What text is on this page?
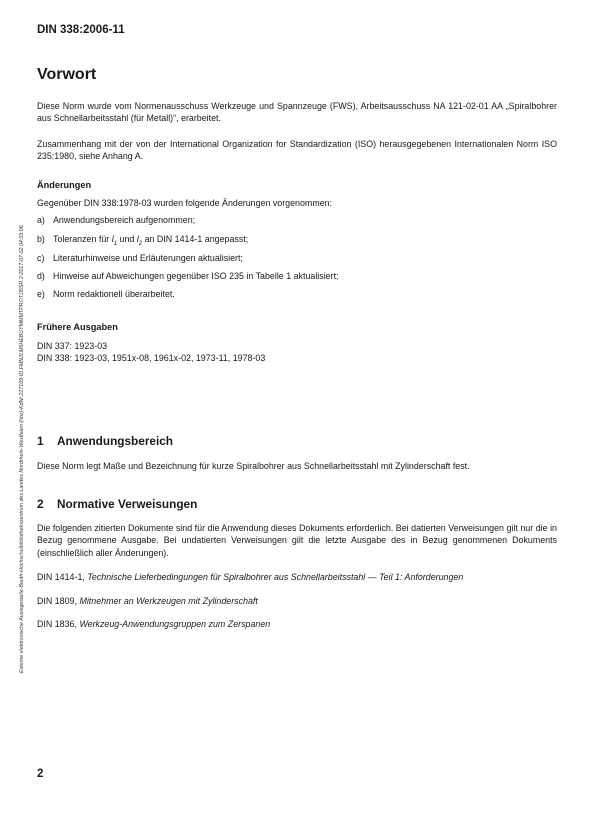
DIN 338:2006-11
Externe elektronische Auslegestelle-Beuth-Hochschulbibliothekszentrum des Landes Nordrhein-Westfalen (hbz)-KdNr.227109-ID.FMN2LM6HEBUYMMMTPROTJI5SR.2-2017-07-02 04:03:06
Vorwort

Diese Norm wurde vom Normenausschuss Werkzeuge und Spannzeuge (FWS), Arbeitsausschuss NA 121-02-01 AA „Spiralbohrer aus Schnellarbeitsstahl (für Metall)“, erarbeitet.

Zusammenhang mit der von der International Organization for Standardization (ISO) herausgegebenen Internationalen Norm ISO 235:1980, siehe Anhang A.

Änderungen
Gegenüber DIN 338:1978-03 wurden folgende Änderungen vorgenommen:
a) Anwendungsbereich aufgenommen;
b) Toleranzen für $l_1$ und $l_2$ an DIN 1414-1 angepasst;
c) Literaturhinweise und Erläuterungen aktualisiert;
d) Hinweise auf Abweichungen gegenüber ISO 235 in Tabelle 1 aktualisiert;
e) Norm redaktionell überarbeitet.
Frühere Ausgaben
DIN 337: 1923-03
DIN 338: 1923-03, 1951x-08, 1961x-02, 1973-11, 1978-03
1 Anwendungsbereich
Diese Norm legt Maße und Bezeichnung für kurze Spiralbohrer aus Schnellarbeitsstahl mit Zylinderschaft fest.
2 Normative Verweisungen

Die folgenden zitierten Dokumente sind für die Anwendung dieses Dokuments erforderlich. Bei datierten Verweisungen gilt nur die in Bezug genommene Ausgabe. Bei undatierten Verweisungen gilt die letzte Ausgabe des in Bezug genommenen Dokuments (einschließlich aller Änderungen).

DIN 1414-1, Technische Lieferbedingungen für Spiralbohrer aus Schnellarbeitsstahl — Teil 1: Anforderungen
DIN 1809, Mitnehmer an Werkzeugen mit Zylinderschaft
DIN 1836, Werkzeug-Anwendungsgruppen zum Zerspanen
2
